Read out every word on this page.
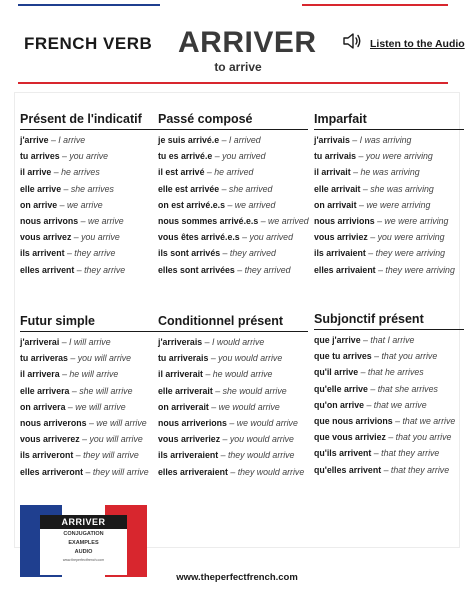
FRENCH VERB ARRIVER
to arrive
Listen to the Audio
Présent de l'indicatif
j'arrive – I arrive
tu arrives – you arrive
il arrive – he arrives
elle arrive – she arrives
on arrive – we arrive
nous arrivons – we arrive
vous arrivez – you arrive
ils arrivent – they arrive
elles arrivent – they arrive
Passé composé
je suis arrivé.e – I arrived
tu es arrivé.e – you arrived
il est arrivé – he arrived
elle est arrivée – she arrived
on est arrivé.e.s – we arrived
nous sommes arrivé.e.s – we arrived
vous êtes arrivé.e.s – you arrived
ils sont arrivés – they arrived
elles sont arrivées – they arrived
Imparfait
j'arrivais – I was arriving
tu arrivais – you were arriving
il arrivait – he was arriving
elle arrivait – she was arriving
on arrivait – we were arriving
nous arrivions – we were arriving
vous arriviez – you were arriving
ils arrivaient – they were arriving
elles arrivaient – they were arriving
Futur simple
j'arriverai – I will arrive
tu arriveras – you will arrive
il arrivera – he will arrive
elle arrivera – she will arrive
on arrivera – we will arrive
nous arriverons – we will arrive
vous arriverez – you will arrive
ils arriveront – they will arrive
elles arriveront – they will arrive
Conditionnel présent
j'arriverais – I would arrive
tu arriverais – you would arrive
il arriverait – he would arrive
elle arriverait – she would arrive
on arriverait – we would arrive
nous arriverions – we would arrive
vous arriveriez – you would arrive
ils arriveraient – they would arrive
elles arriveraient – they would arrive
Subjonctif présent
que j'arrive – that I arrive
que tu arrives – that you arrive
qu'il arrive – that he arrives
qu'elle arrive – that she arrives
qu'on arrive – that we arrive
que nous arrivions – that we arrive
que vous arriviez – that you arrive
qu'ils arrivent – that they arrive
qu'elles arrivent – that they arrive
ARRIVER
CONJUGATION
EXAMPLES
AUDIO
www.theperfectfrench.com
www.theperfectfrench.com
